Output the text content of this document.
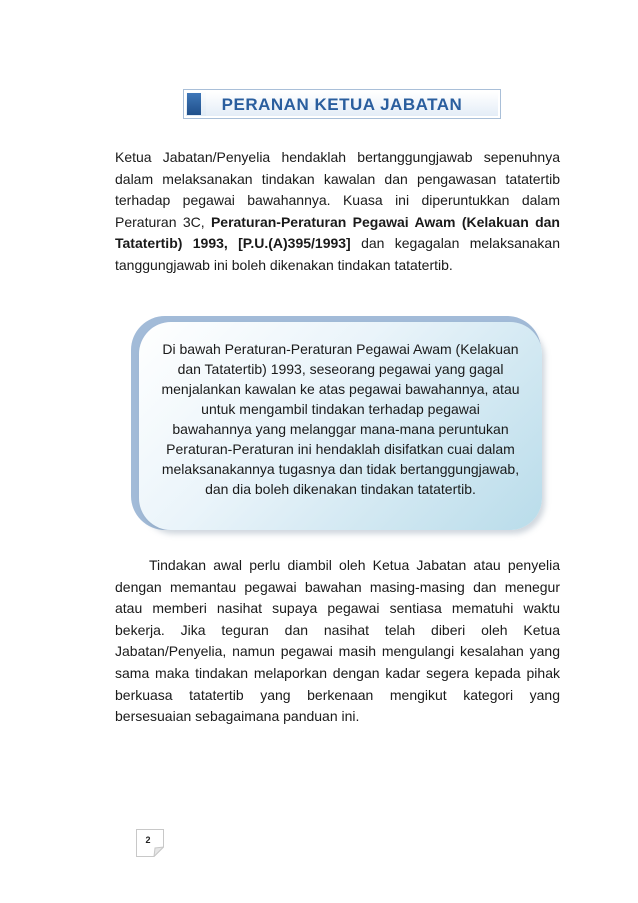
PERANAN KETUA JABATAN

Ketua Jabatan/Penyelia hendaklah bertanggungjawab sepenuhnya dalam melaksanakan tindakan kawalan dan pengawasan tatatertib terhadap pegawai bawahannya. Kuasa ini diperuntukkan dalam Peraturan 3C, Peraturan-Peraturan Pegawai Awam (Kelakuan dan Tatatertib) 1993, [P.U.(A)395/1993] dan kegagalan melaksanakan tanggungjawab ini boleh dikenakan tindakan tatatertib.

Di bawah Peraturan-Peraturan Pegawai Awam (Kelakuan dan Tatatertib) 1993, seseorang pegawai yang gagal menjalankan kawalan ke atas pegawai bawahannya, atau untuk mengambil tindakan terhadap pegawai bawahannya yang melanggar mana-mana peruntukan Peraturan-Peraturan ini hendaklah disifatkan cuai dalam melaksanakannya tugasnya dan tidak bertanggungjawab, dan dia boleh dikenakan tindakan tatatertib.

Tindakan awal perlu diambil oleh Ketua Jabatan atau penyelia dengan memantau pegawai bawahan masing-masing dan menegur atau memberi nasihat supaya pegawai sentiasa mematuhi waktu bekerja. Jika teguran dan nasihat telah diberi oleh Ketua Jabatan/Penyelia, namun pegawai masih mengulangi kesalahan yang sama maka tindakan melaporkan dengan kadar segera kepada pihak berkuasa tatatertib yang berkenaan mengikut kategori yang bersesuaian sebagaimana panduan ini.

2
